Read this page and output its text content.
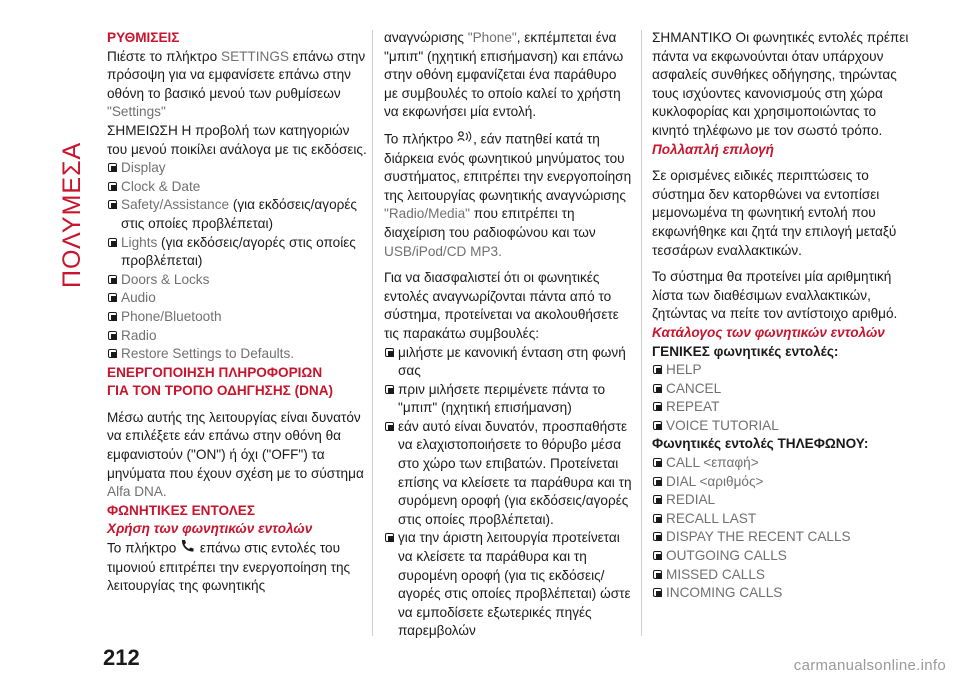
ΠΟΛΥΜΕΣΑ

ΡΥΘΜΙΣΕΙΣ

Πιέστε το πλήκτρο SETTINGS επάνω στην πρόσοψη για να εμφανίσετε επάνω στην οθόνη το βασικό μενού των ρυθμίσεων "Settings"

ΣΗΜΕΙΩΣΗ Η προβολή των κατηγοριών του μενού ποικίλει ανάλογα με τις εκδόσεις.

Display
Clock & Date
Safety/Assistance (για εκδόσεις/αγορές στις οποίες προβλέπεται)
Lights (για εκδόσεις/αγορές στις οποίες προβλέπεται)
Doors & Locks
Audio
Phone/Bluetooth
Radio
Restore Settings to Defaults.

ΕΝΕΡΓΟΠΟΙΗΣΗ ΠΛΗΡΟΦΟΡΙΩΝ
ΓΙΑ ΤΟΝ ΤΡΟΠΟ ΟΔΗΓΗΣΗΣ (DNA)

Μέσω αυτής της λειτουργίας είναι δυνατόν να επιλέξετε εάν επάνω στην οθόνη θα εμφανιστούν ("ON") ή όχι ("OFF") τα μηνύματα που έχουν σχέση με το σύστημα Alfa DNA.

ΦΩΝΗΤΙΚΕΣ ΕΝΤΟΛΕΣ

Χρήση των φωνητικών εντολών

Το πλήκτρο επάνω στις εντολές του τιμονιού επιτρέπει την ενεργοποίηση της λειτουργίας της φωνητικής

αναγνώρισης "Phone", εκπέμπεται ένα "μπιπ" (ηχητική επισήμανση) και επάνω στην οθόνη εμφανίζεται ένα παράθυρο με συμβουλές το οποίο καλεί το χρήστη να εκφωνήσει μία εντολή.

Το πλήκτρο , εάν πατηθεί κατά τη διάρκεια ενός φωνητικού μηνύματος του συστήματος, επιτρέπει την ενεργοποίηση της λειτουργίας φωνητικής αναγνώρισης "Radio/Media" που επιτρέπει τη διαχείριση του ραδιοφώνου και των USB/iPod/CD MP3.

Για να διασφαλιστεί ότι οι φωνητικές εντολές αναγνωρίζονται πάντα από το σύστημα, προτείνεται να ακολουθήσετε τις παρακάτω συμβουλές:

μιλήστε με κανονική ένταση στη φωνή σας
πριν μιλήσετε περιμένετε πάντα το "μπιπ" (ηχητική επισήμανση)
εάν αυτό είναι δυνατόν, προσπαθήστε να ελαχιστοποιήσετε το θόρυβο μέσα στο χώρο των επιβατών. Προτείνεται επίσης να κλείσετε τα παράθυρα και τη συρόμενη οροφή (για εκδόσεις/αγορές στις οποίες προβλέπεται).
για την άριστη λειτουργία προτείνεται να κλείσετε τα παράθυρα και τη συρομένη οροφή (για τις εκδόσεις/αγορές στις οποίες προβλέπεται) ώστε να εμποδίσετε εξωτερικές πηγές παρεμβολών

ΣΗΜΑΝΤΙΚΟ Οι φωνητικές εντολές πρέπει πάντα να εκφωνούνται όταν υπάρχουν ασφαλείς συνθήκες οδήγησης, τηρώντας τους ισχύοντες κανονισμούς στη χώρα κυκλοφορίας και χρησιμοποιώντας το κινητό τηλέφωνο με τον σωστό τρόπο.

Πολλαπλή επιλογή

Σε ορισμένες ειδικές περιπτώσεις το σύστημα δεν κατορθώνει να εντοπίσει μεμονωμένα τη φωνητική εντολή που εκφωνήθηκε και ζητά την επιλογή μεταξύ τεσσάρων εναλλακτικών.

Το σύστημα θα προτείνει μία αριθμητική λίστα των διαθέσιμων εναλλακτικών, ζητώντας να πείτε τον αντίστοιχο αριθμό.

Κατάλογος των φωνητικών εντολών

ΓΕΝΙΚΕΣ φωνητικές εντολές:

HELP
CANCEL
REPEAT
VOICE TUTORIAL

Φωνητικές εντολές ΤΗΛΕΦΩΝΟΥ:

CALL <επαφή>
DIAL <αριθμός>
REDIAL
RECALL LAST
DISPAY THE RECENT CALLS
OUTGOING CALLS
MISSED CALLS
INCOMING CALLS
212	carmanualsonline.info
